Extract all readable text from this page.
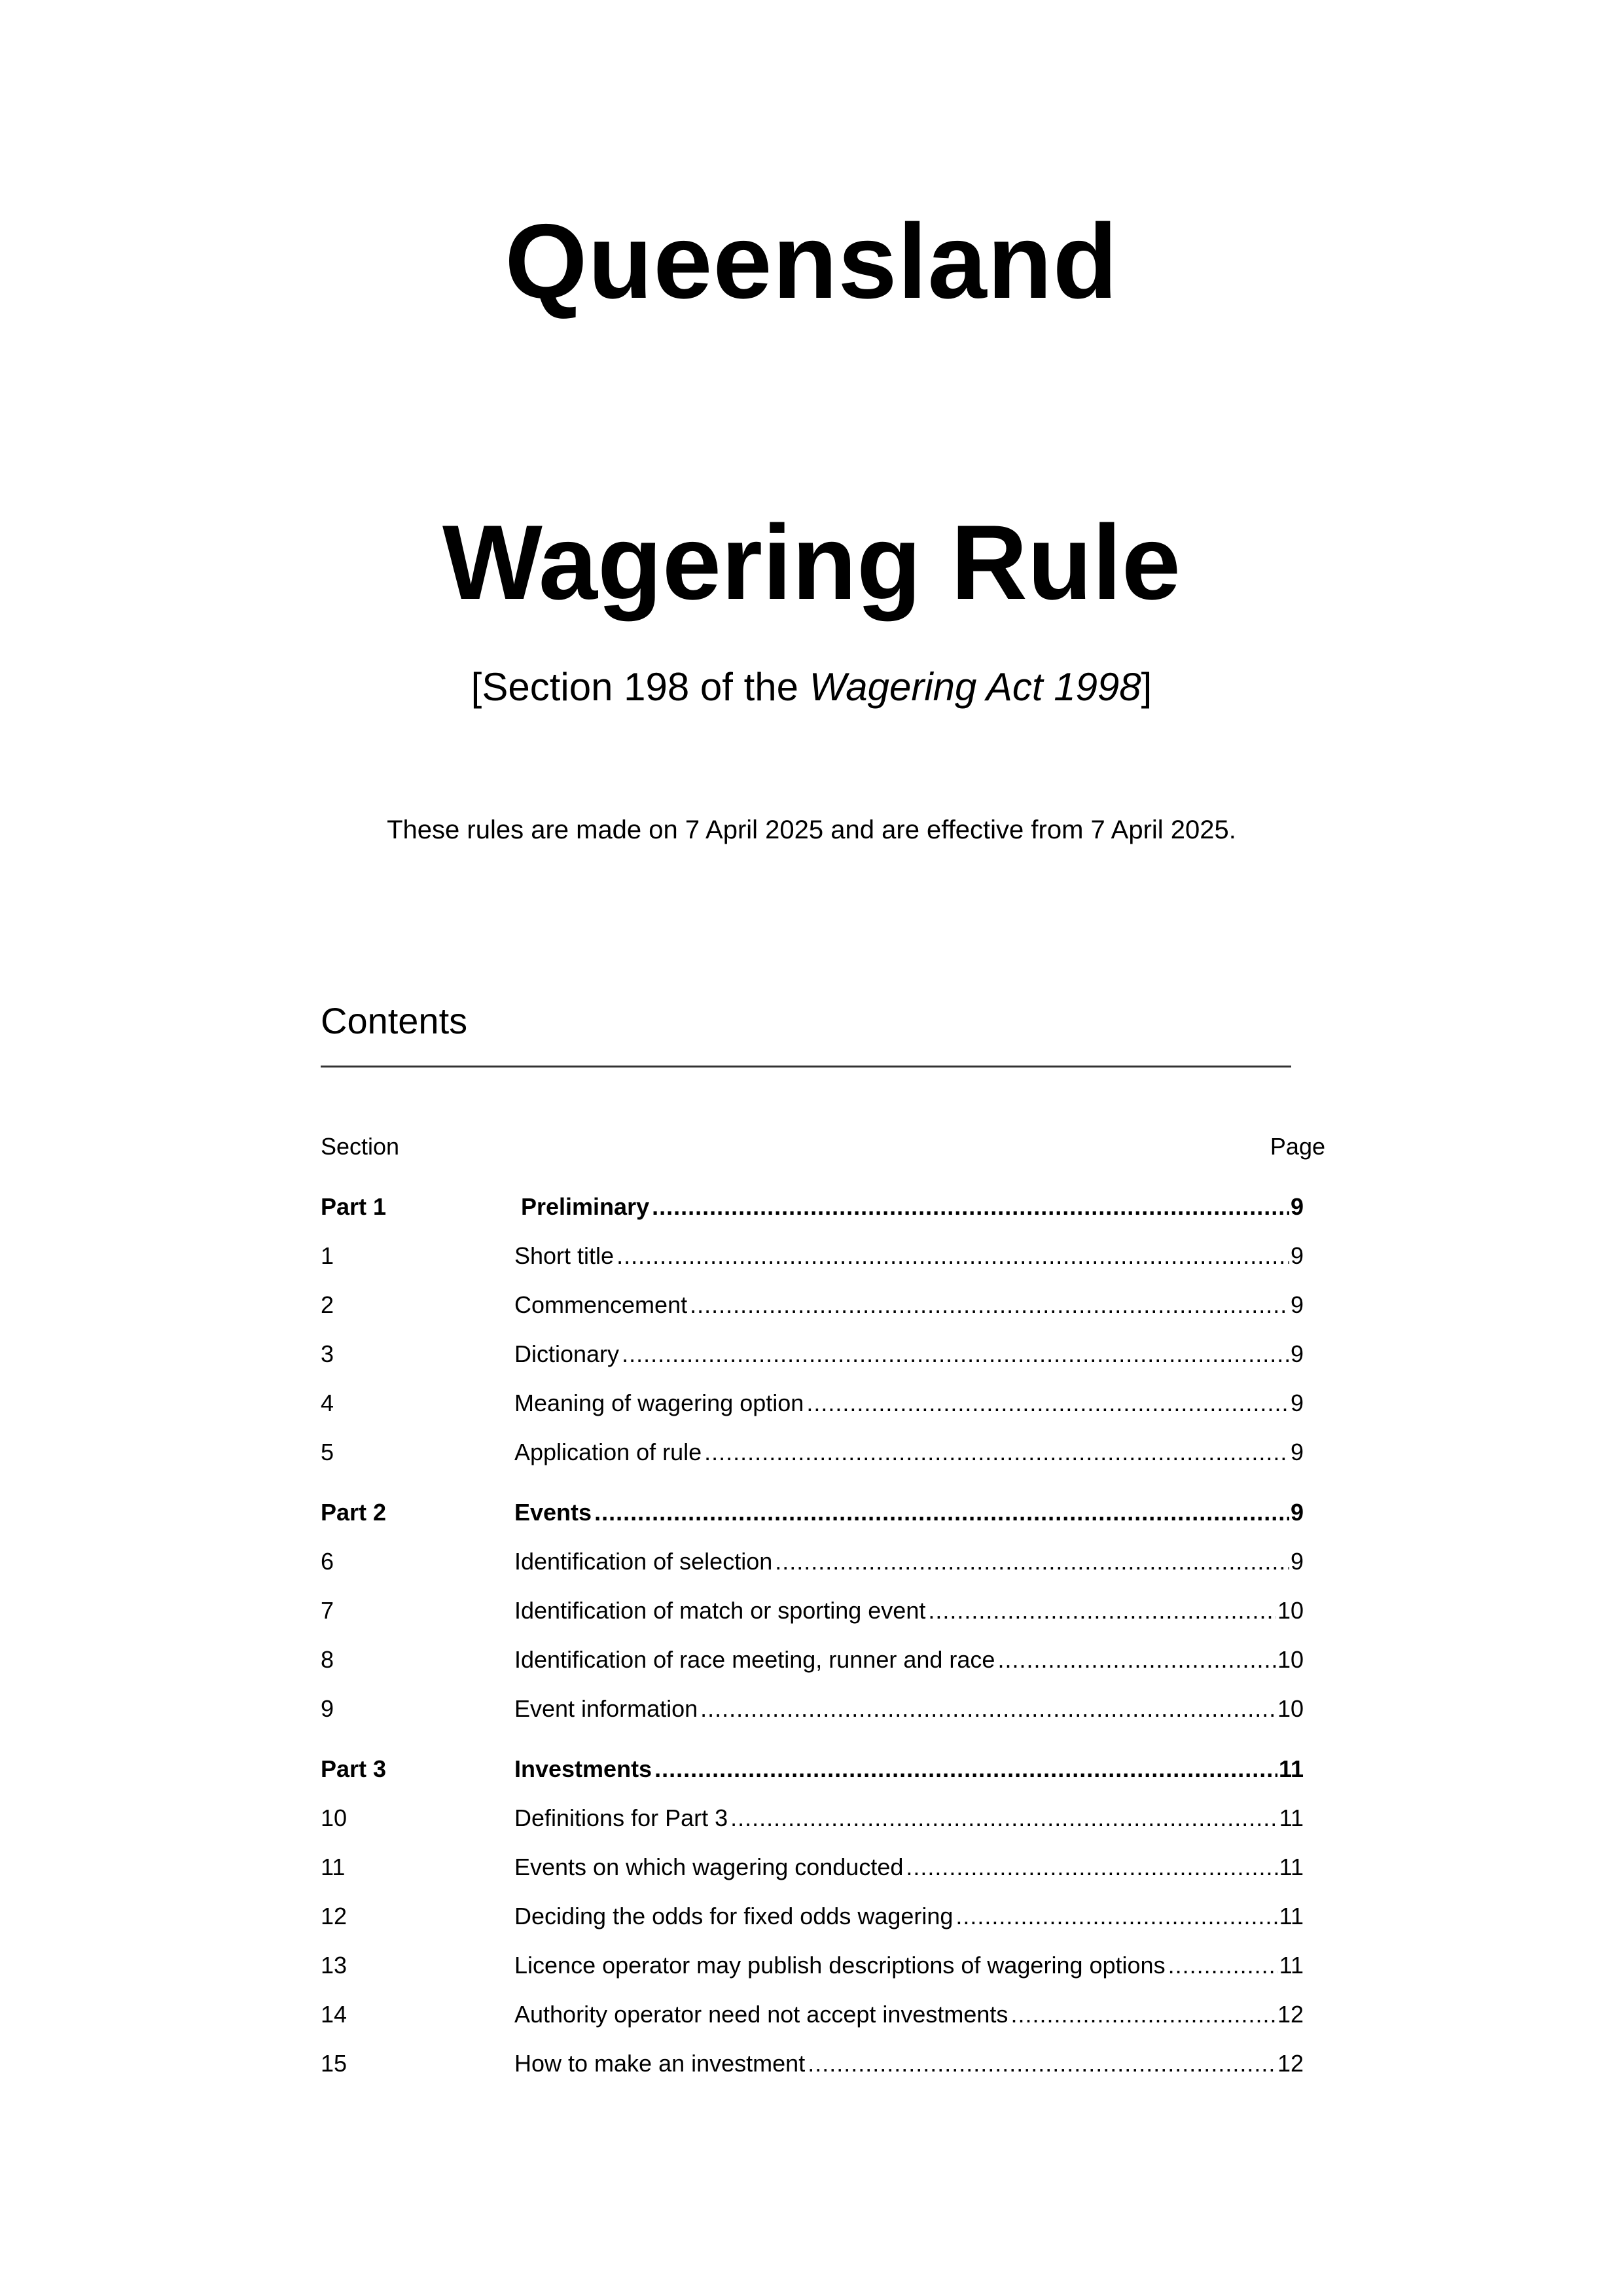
Queensland
Wagering Rule
[Section 198 of the Wagering Act 1998]
These rules are made on 7 April 2025 and are effective from 7 April 2025.
Contents
Section	Page
Part 1	Preliminary .....	9
1	Short title .....	9
2	Commencement .....	9
3	Dictionary .....	9
4	Meaning of wagering option .....	9
5	Application of rule .....	9
Part 2	Events .....	9
6	Identification of selection .....	9
7	Identification of match or sporting event .....	10
8	Identification of race meeting, runner and race .....	10
9	Event information .....	10
Part 3	Investments .....	11
10	Definitions for Part 3 .....	11
11	Events on which wagering conducted .....	11
12	Deciding the odds for fixed odds wagering .....	11
13	Licence operator may publish descriptions of wagering options .....	11
14	Authority operator need not accept investments .....	12
15	How to make an investment .....	12
